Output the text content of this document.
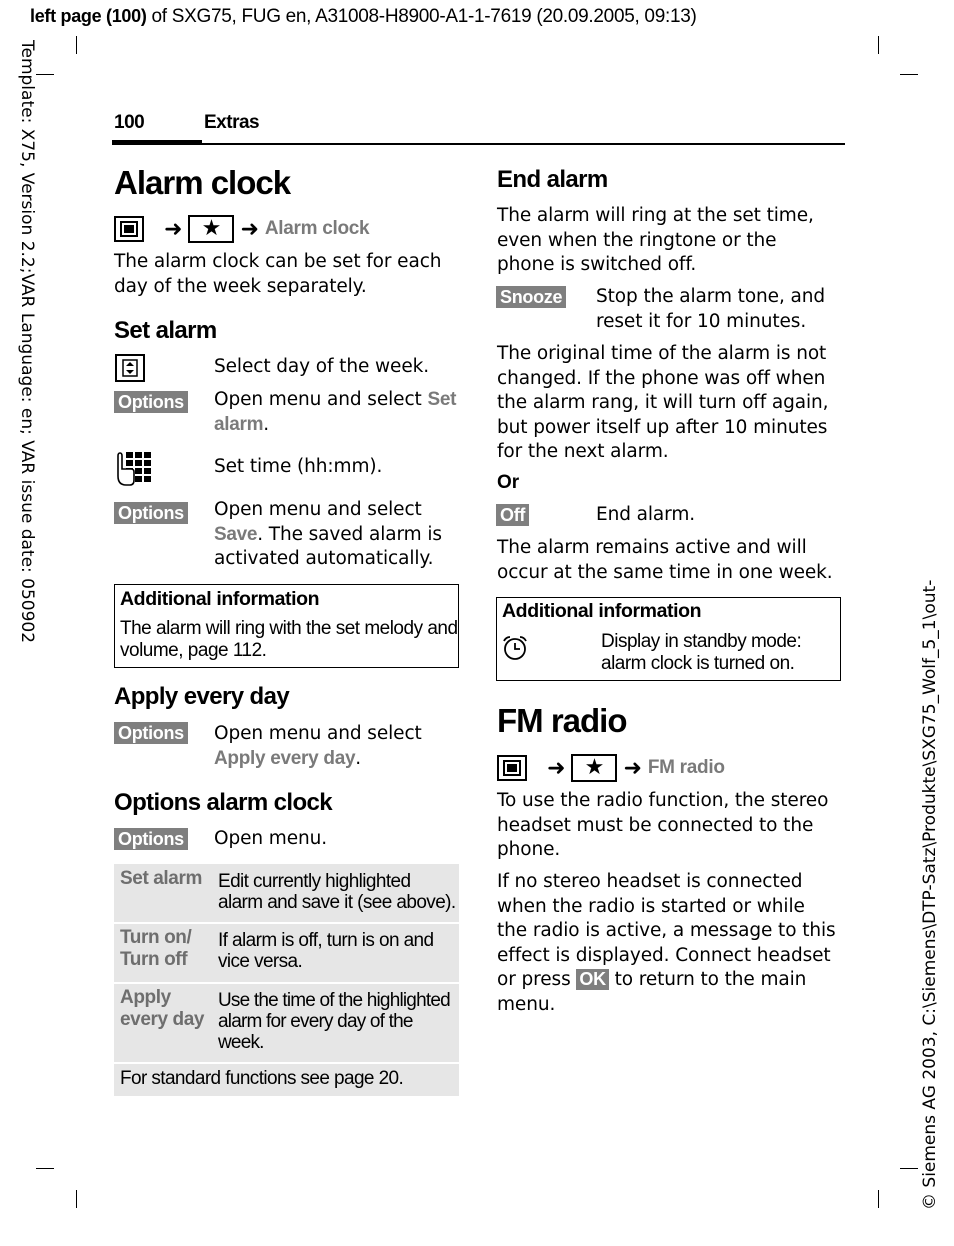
left page (100) of SXG75, FUG en, A31008-H8900-A1-1-7619 (20.09.2005, 09:13)
Template: X75, Version 2.2;VAR Language: en; VAR issue date: 050902
© Siemens AG 2003, C:\Siemens\DTP-Satz\Produkte\SXG75_Wolf_5_1\out-
100	Extras
Alarm clock
➜ ★ ➜ Alarm clock
The alarm clock can be set for each
day of the week separately.
Set alarm
Select day of the week.
Options Open menu and select Set
alarm.
Set time (hh:mm).
Options Open menu and select
Save. The saved alarm is
activated automatically.
Additional information
The alarm will ring with the set melody and
volume, page 112.
Apply every day
Options Open menu and select
Apply every day.
Options alarm clock
Options Open menu.
Set alarm Edit currently highlighted
alarm and save it (see above).
Turn on/
Turn off
If alarm is off, turn is on and
vice versa.
Apply
every day
Use the time of the highlighted
alarm for every day of the
week.
For standard functions see page 20.
End alarm
The alarm will ring at the set time,
even when the ringtone or the
phone is switched off.
Snooze Stop the alarm tone, and
reset it for 10 minutes.
The original time of the alarm is not
changed. If the phone was off when
the alarm rang, it will turn off again,
but power itself up after 10 minutes
for the next alarm.
Or
Off	End alarm.
The alarm remains active and will
occur at the same time in one week.
Additional information
Display in standby mode:
alarm clock is turned on.
FM radio
➜ ★ ➜ FM radio
To use the radio function, the stereo
headset must be connected to the
phone.
If no stereo headset is connected
when the radio is started or while
the radio is active, a message to this
effect is displayed. Connect headset
or press OK to return to the main
menu.
